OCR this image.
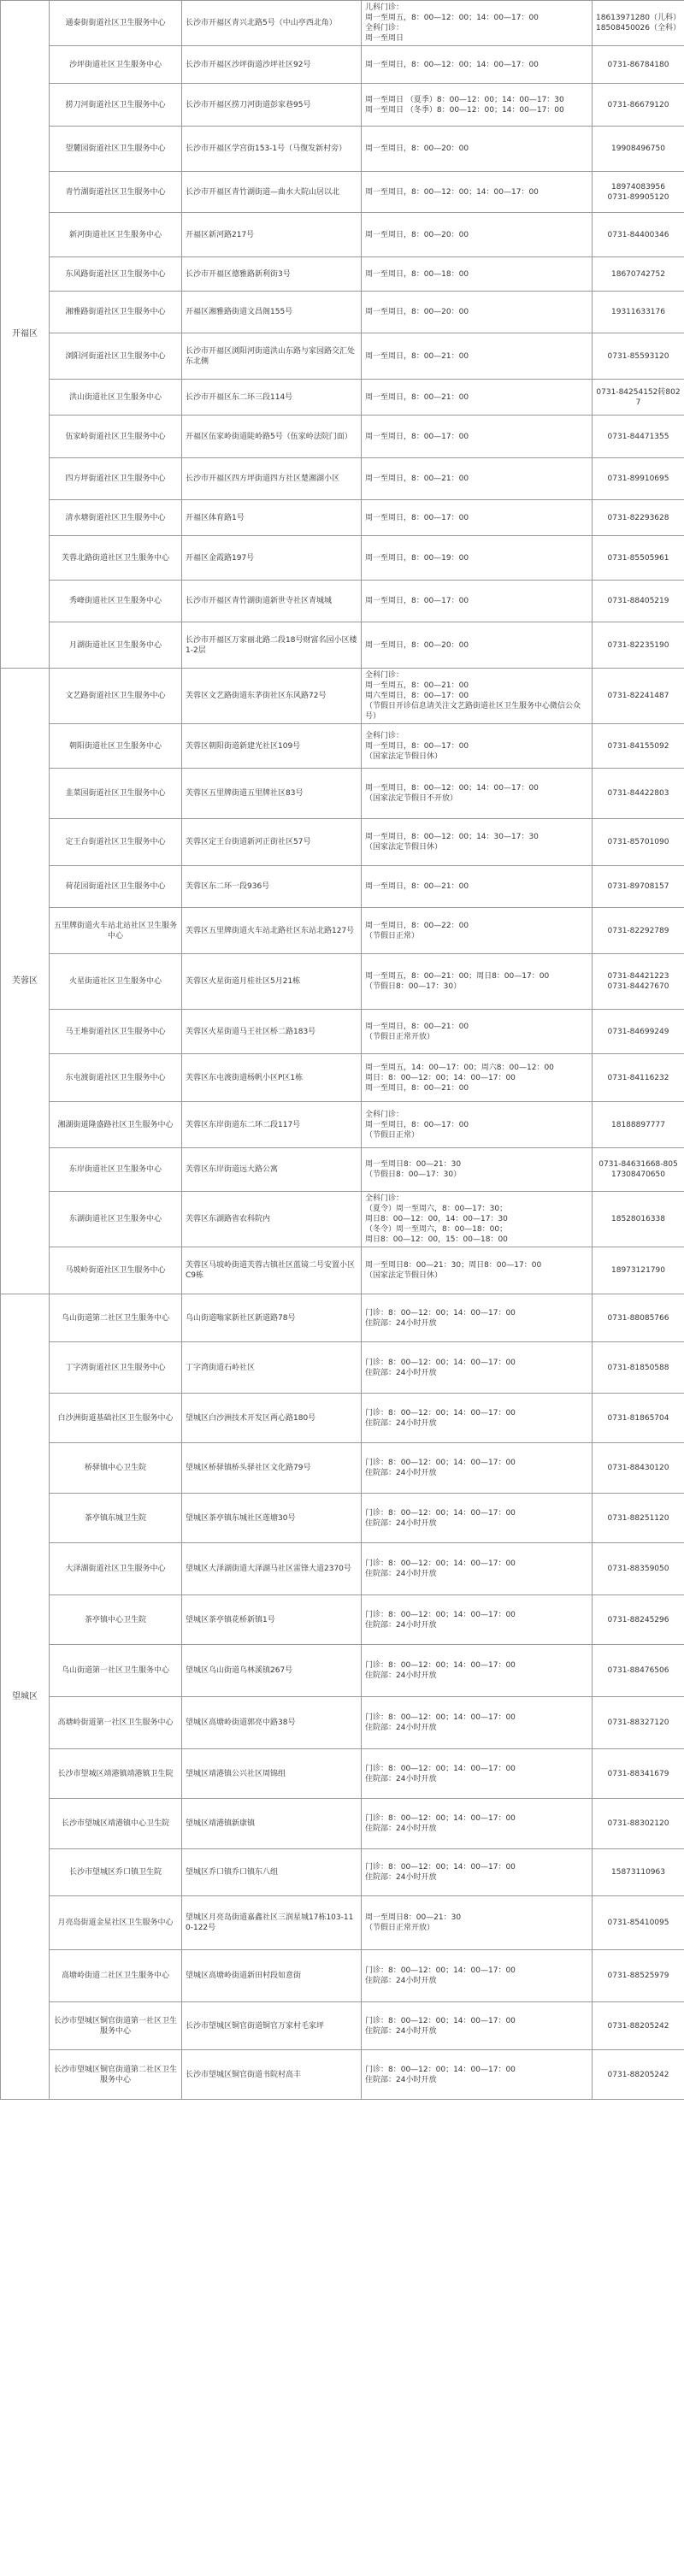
开福区	通泰街街道社区卫生服务中心	长沙市开福区青兴北路5号（中山亭西北角）	儿科门诊：
周一至周五，8：00—12：00；14：00—17：00
全科门诊：
周一至周日	18613971280（儿科）
18508450026（全科）
	沙坪街道社区卫生服务中心	长沙市开福区沙坪街道沙坪社区92号	周一至周日，8：00—12：00；14：00—17：00	0731-86784180
	捞刀河街道社区卫生服务中心	长沙市开福区捞刀河街道彭家巷95号	周一至周日 （夏季）8：00—12：00；14：00—17：30
周一至周日 （冬季）8：00—12：00；14：00—17：00	0731-86679120
	望麓园街道社区卫生服务中心	长沙市开福区学宫街153-1号（马復发新村旁）	周一至周日，8：00—20：00	19908496750
	青竹湖街道社区卫生服务中心	长沙市开福区青竹湖街道—曲水大院山居以北	周一至周日，8：00—12：00；14：00—17：00	18974083956
0731-89905120
	新河街道社区卫生服务中心	开福区新河路217号	周一至周日，8：00—20：00	0731-84400346
	东风路街道社区卫生服务中心	长沙市开福区德雅路新利街3号	周一至周日，8：00—18：00	18670742752
	湘雅路街道社区卫生服务中心	开福区湘雅路街道文昌阁155号	周一至周日，8：00—20：00	19311633176
	浏阳河街道社区卫生服务中心	长沙市开福区浏阳河街道洪山东路与家园路交汇处东北侧	周一至周日，8：00—21：00	0731-85593120
	洪山街道社区卫生服务中心	长沙市开福区东二环三段114号	周一至周日，8：00—21：00	0731-84254152转8027
	伍家岭街道社区卫生服务中心	开福区伍家岭街道陡岭路5号（伍家岭法院门面）	周一至周日，8：00—17：00	0731-84471355
	四方坪街道社区卫生服务中心	长沙市开福区四方坪街道四方社区楚湘湖小区	周一至周日，8：00—21：00	0731-89910695
	清水塘街道社区卫生服务中心	开福区体育路1号	周一至周日，8：00—17：00	0731-82293628
	芙蓉北路街道社区卫生服务中心	开福区金霞路197号	周一至周日，8：00—19：00	0731-85505961
	秀峰街道社区卫生服务中心	长沙市开福区青竹湖街道新世寺社区青城城	周一至周日，8：00—17：00	0731-88405219
	月湖街道社区卫生服务中心	长沙市开福区万家丽北路二段18号财富名园小区楼1-2层	周一至周日，8：00—20：00	0731-82235190
芙蓉区	文艺路街道社区卫生服务中心	芙蓉区文艺路街道东茅街社区东风路72号	全科门诊：
周一至周五，8：00—21：00
周六至周日，8：00—17：00
（节假日开诊信息请关注文艺路街道社区卫生服务中心微信公众号）	0731-82241487
	朝阳街道社区卫生服务中心	芙蓉区朝阳街道新建光社区109号	全科门诊：
周一至周日，8：00—17：00
（国家法定节假日休）	0731-84155092
	韭菜园街道社区卫生服务中心	芙蓉区五里牌街道五里牌社区83号	周一至周日，8：00—12：00；14：00—17：00
（国家法定节假日不开放）	0731-84422803
	定王台街道社区卫生服务中心	芙蓉区定王台街道新河正街社区57号	周一至周日，8：00—12：00；14：30—17：30
（国家法定节假日休）	0731-85701090
	荷花园街道社区卫生服务中心	芙蓉区东二环一段936号	周一至周日，8：00—21：00	0731-89708157
	五里牌街道火车站北站社区卫生服务中心	芙蓉区五里牌街道火车站北路社区东站北路127号	周一至周日，8：00—22：00
（节假日正常）	0731-82292789
	火星街道社区卫生服务中心	芙蓉区火星街道月桂社区5月21栋	周一至周五，8：00—21：00；周日8：00—17：00
（节假日8：00—17：30）	0731-84421223
0731-84427670
	马王堆街道社区卫生服务中心	芙蓉区火星街道马王社区桥二路183号	周一至周日，8：00—21：00
（节假日正常开放）	0731-84699249
	东屯渡街道社区卫生服务中心	芙蓉区东屯渡街道杨帆小区P区1栋	周一至周五，14：00—17：00；周六8：00—12：00
周日：8：00—12：00；14：00—17：00
周一至周日，8：00—21：00	0731-84116232
	湘湖街道隆盛路社区卫生服务中心	芙蓉区东岸街道东二环二段117号	全科门诊：
周一至周日，8：00—17：00
（节假日正常）	18188897777
	东岸街道社区卫生服务中心	芙蓉区东岸街道远大路公寓	周一至周日8：00—21：30
（节假日8：00—17：30）	0731-84631668-805
17308470650
	东湖街道社区卫生服务中心	芙蓉区东湖路省农科院内	全科门诊：
（夏令）周一至周六，8：00—17：30；
周日8：00—12：00，14：00—17：30
（冬令）周一至周六，8：00—18：00；
周日8：00—12：00，15：00—18：00	18528016338
	马坡岭街道社区卫生服务中心	芙蓉区马坡岭街道芙蓉古镇社区蓝镜二号安置小区C9栋	周一至周日8：00—21：30；周日8：00—17：00
（国家法定节假日休）	18973121790
望城区	乌山街道第二社区卫生服务中心	乌山街道嗡家新社区新道路78号	门诊：8：00—12：00；14：00—17：00
住院部：24小时开放	0731-88085766
	丁字湾街道社区卫生服务中心	丁字湾街道石岭社区	门诊：8：00—12：00；14：00—17：00
住院部：24小时开放	0731-81850588
	白沙洲街道基础社区卫生服务中心	望城区白沙洲技术开发区两心路180号	门诊：8：00—12：00；14：00—17：00
住院部：24小时开放	0731-81865704
	桥驿镇中心卫生院	望城区桥驿镇桥头驿社区文化路79号	门诊：8：00—12：00；14：00—17：00
住院部：24小时开放	0731-88430120
	茶亭镇东城卫生院	望城区茶亭镇东城社区莲塘30号	门诊：8：00—12：00；14：00—17：00
住院部：24小时开放	0731-88251120
	大泽湖街道社区卫生服务中心	望城区大泽湖街道大泽湖马社区雷锋大道2370号	门诊：8：00—12：00；14：00—17：00
住院部：24小时开放	0731-88359050
	茶亭镇中心卫生院	望城区茶亭镇花桥新镇1号	门诊：8：00—12：00；14：00—17：00
住院部：24小时开放	0731-88245296
	乌山街道第一社区卫生服务中心	望城区乌山街道乌林溪镇267号	门诊：8：00—12：00；14：00—17：00
住院部：24小时开放	0731-88476506
	高塘岭街道第一社区卫生服务中心	望城区高塘岭街道郭亮中路38号	门诊：8：00—12：00；14：00—17：00
住院部：24小时开放	0731-88327120
	长沙市望城区靖港镇靖港镇卫生院	望城区靖港镇公兴社区周锦组	门诊：8：00—12：00；14：00—17：00
住院部：24小时开放	0731-88341679
	长沙市望城区靖港镇中心卫生院	望城区靖港镇新康镇	门诊：8：00—12：00；14：00—17：00
住院部：24小时开放	0731-88302120
	长沙市望城区乔口镇卫生院	望城区乔口镇乔口镇东八组	门诊：8：00—12：00；14：00—17：00
住院部：24小时开放	15873110963
	月亮岛街道金星社区卫生服务中心	望城区月亮岛街道嘉鑫社区三润星城17栋103-110-122号	周一至周日8：00—21：30
（节假日正常开放）	0731-85410095
	高塘岭街道二社区卫生服务中心	望城区高塘岭街道新田村段如意街	门诊：8：00—12：00；14：00—17：00
住院部：24小时开放	0731-88525979
	长沙市望城区铜官街道第一社区卫生服务中心	长沙市望城区铜官街道铜官万家村毛家坪	门诊：8：00—12：00；14：00—17：00
住院部：24小时开放	0731-88205242
	长沙市望城区铜官街道第二社区卫生服务中心	长沙市望城区铜官街道书院村高丰	门诊：8：00—12：00；14：00—17：00
住院部：24小时开放	0731-88205242
